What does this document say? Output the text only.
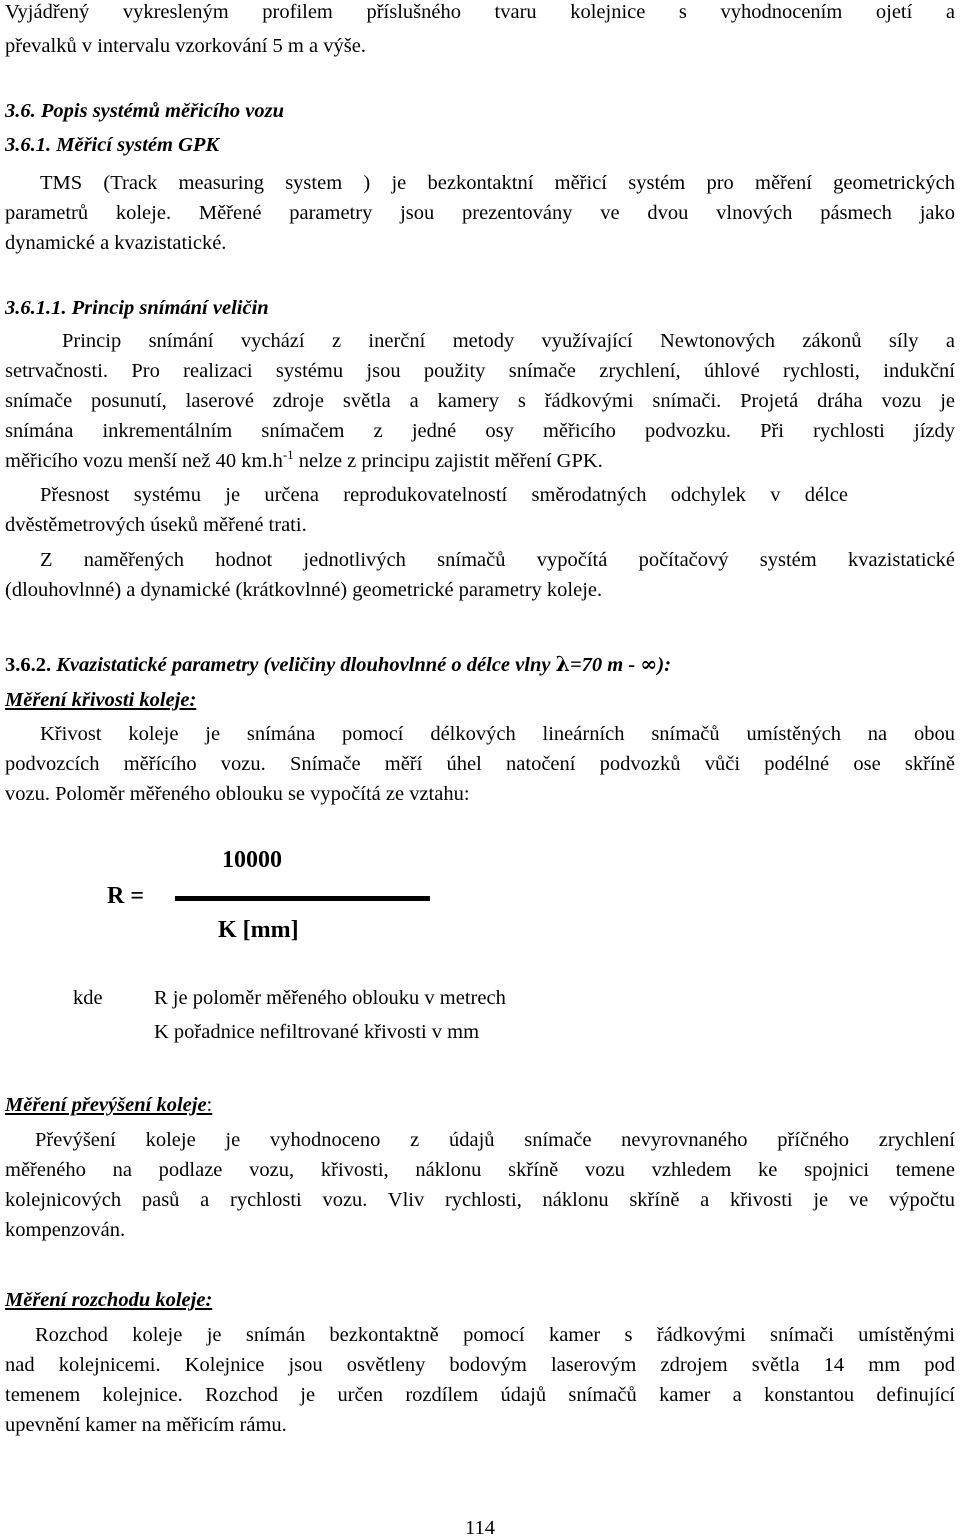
Vyjádřený vykresleným profilem příslušného tvaru kolejnice s vyhodnocením ojetí a
převalků v intervalu vzorkování 5 m a výše.
3.6. Popis systémů měřicího vozu
3.6.1. Měřicí systém GPK
TMS (Track measuring system ) je bezkontaktní měřicí systém pro měření geometrických
parametrů koleje. Měřené parametry jsou prezentovány ve dvou vlnových pásmech jako
dynamické a kvazistatické.
3.6.1.1. Princip snímání veličin
Princip snímání vychází z inerční metody využívající Newtonových zákonů síly a
setrvačnosti. Pro realizaci systému jsou použity snímače zrychlení, úhlové rychlosti, indukční
snímače posunutí, laserové zdroje světla a kamery s řádkovými snímači. Projetá dráha vozu je
snímána inkrementálním snímačem z jedné osy měřicího podvozku. Při rychlosti jízdy
měřicího vozu menší než 40 $km.h^{-1}$ nelze z principu zajistit měření GPK.
Přesnost systému je určena reprodukovatelností směrodatných odchylek v délce
dvěstěmetrových úseků měřené trati.
Z naměřených hodnot jednotlivých snímačů vypočítá počítačový systém kvazistatické
(dlouhovlnné) a dynamické (krátkovlnné) geometrické parametry koleje.
3.6.2. Kvazistatické parametry (veličiny dlouhovlnné o délce vlny λ=70 m - ∞):
Měření křivosti koleje:
Křivost koleje je snímána pomocí délkových lineárních snímačů umístěných na obou
podvozcích měřícího vozu. Snímače měří úhel natočení podvozků vůči podélné ose skříně
vozu. Poloměr měřeného oblouku se vypočítá ze vztahu:
R =
10000
K [mm]
kde	R je poloměr měřeného oblouku v metrech
K pořadnice nefiltrované křivosti v mm
Měření převýšení koleje:
Převýšení koleje je vyhodnoceno z údajů snímače nevyrovnaného příčného zrychlení
měřeného na podlaze vozu, křivosti, náklonu skříně vozu vzhledem ke spojnici temene
kolejnicových pasů a rychlosti vozu. Vliv rychlosti, náklonu skříně a křivosti je ve výpočtu
kompenzován.
Měření rozchodu koleje:
Rozchod koleje je snímán bezkontaktně pomocí kamer s řádkovými snímači umístěnými
nad kolejnicemi. Kolejnice jsou osvětleny bodovým laserovým zdrojem světla 14 mm pod
temenem kolejnice. Rozchod je určen rozdílem údajů snímačů kamer a konstantou definující
upevnění kamer na měřicím rámu.
114
